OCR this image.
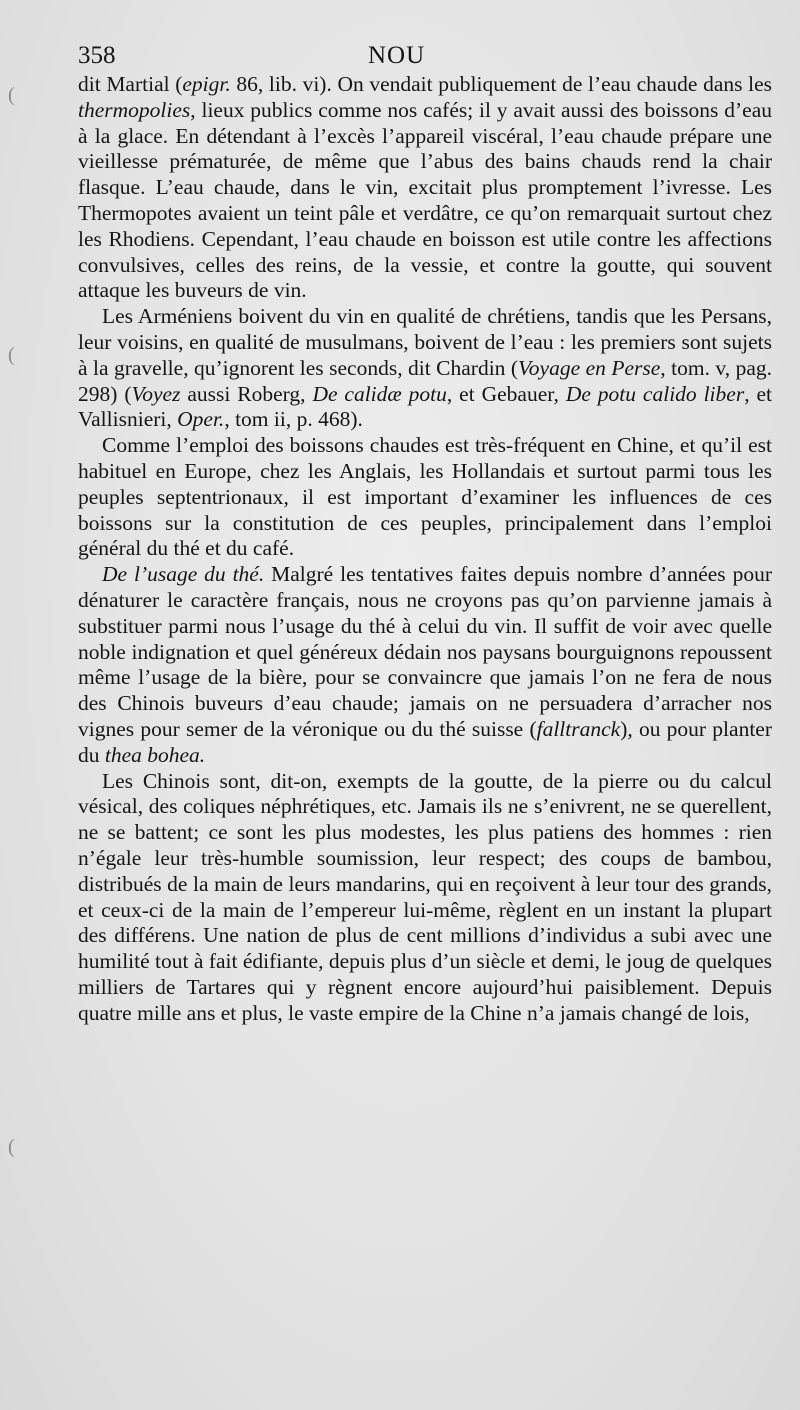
(
(
(
358	NOU

dit Martial (epigr. 86, lib. vi). On vendait publiquement de l’eau chaude dans les thermopolies, lieux publics comme nos cafés; il y avait aussi des boissons d’eau à la glace. En détendant à l’excès l’appareil viscéral, l’eau chaude prépare une vieillesse prématurée, de même que l’abus des bains chauds rend la chair flasque. L’eau chaude, dans le vin, excitait plus promptement l’ivresse. Les Thermopotes avaient un teint pâle et verdâtre, ce qu’on remarquait surtout chez les Rhodiens. Cependant, l’eau chaude en boisson est utile contre les affections convulsives, celles des reins, de la vessie, et contre la goutte, qui souvent attaque les buveurs de vin.

Les Arméniens boivent du vin en qualité de chrétiens, tandis que les Persans, leur voisins, en qualité de musulmans, boivent de l’eau : les premiers sont sujets à la gravelle, qu’ignorent les seconds, dit Chardin (Voyage en Perse, tom. v, pag. 298) (Voyez aussi Roberg, De calidæ potu, et Gebauer, De potu calido liber, et Vallisnieri, Oper., tom ii, p. 468).

Comme l’emploi des boissons chaudes est très-fréquent en Chine, et qu’il est habituel en Europe, chez les Anglais, les Hollandais et surtout parmi tous les peuples septentrionaux, il est important d’examiner les influences de ces boissons sur la constitution de ces peuples, principalement dans l’emploi général du thé et du café.

De l’usage du thé. Malgré les tentatives faites depuis nombre d’années pour dénaturer le caractère français, nous ne croyons pas qu’on parvienne jamais à substituer parmi nous l’usage du thé à celui du vin. Il suffit de voir avec quelle noble indignation et quel généreux dédain nos paysans bourguignons repoussent même l’usage de la bière, pour se convaincre que jamais l’on ne fera de nous des Chinois buveurs d’eau chaude; jamais on ne persuadera d’arracher nos vignes pour semer de la véronique ou du thé suisse (falltranck), ou pour planter du thea bohea.

Les Chinois sont, dit-on, exempts de la goutte, de la pierre ou du calcul vésical, des coliques néphrétiques, etc. Jamais ils ne s’enivrent, ne se querellent, ne se battent; ce sont les plus modestes, les plus patiens des hommes : rien n’égale leur très-humble soumission, leur respect; des coups de bambou, distribués de la main de leurs mandarins, qui en reçoivent à leur tour des grands, et ceux-ci de la main de l’empereur lui-même, règlent en un instant la plupart des différens. Une nation de plus de cent millions d’individus a subi avec une humilité tout à fait édifiante, depuis plus d’un siècle et demi, le joug de quelques milliers de Tartares qui y règnent encore aujourd’hui paisiblement. Depuis quatre mille ans et plus, le vaste empire de la Chine n’a jamais changé de lois,
